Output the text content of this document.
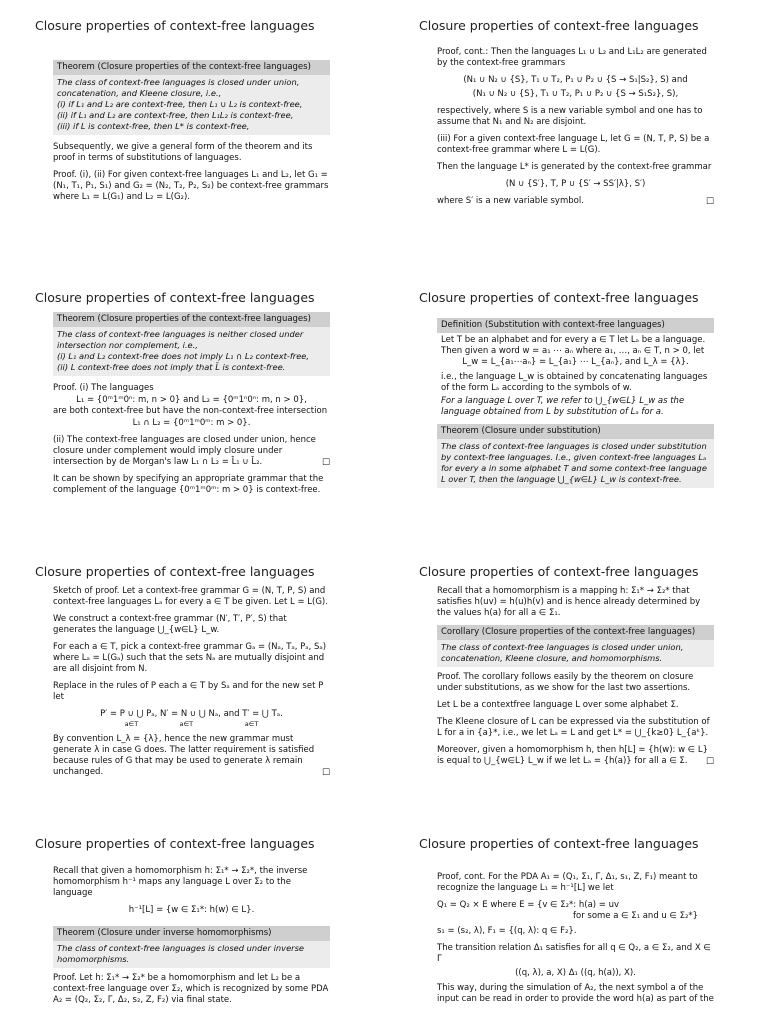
Closure properties of context-free languages
Theorem (Closure properties of the context-free languages)
The class of context-free languages is closed under union,
concatenation, and Kleene closure, i.e.,
(i) if L₁ and L₂ are context-free, then L₁ ∪ L₂ is context-free,
(ii) if L₁ and L₂ are context-free, then L₁L₂ is context-free,
(iii) if L is context-free, then L* is context-free,

Subsequently, we give a general form of the theorem and its proof in terms of substitutions of languages.

Proof. (i), (ii) For given context-free languages L₁ and L₂, let G₁ = (N₁, T₁, P₁, S₁) and G₂ = (N₂, T₂, P₂, S₂) be context-free grammars where L₁ = L(G₁) and L₂ = L(G₂).

Closure properties of context-free languages

Proof, cont.: Then the languages L₁ ∪ L₂ and L₁L₂ are generated by the context-free grammars

(N₁ ∪ N₂ ∪ {S}, T₁ ∪ T₂, P₁ ∪ P₂ ∪ {S → S₁|S₂}, S) and
(N₁ ∪ N₂ ∪ {S}, T₁ ∪ T₂, P₁ ∪ P₂ ∪ {S → S₁S₂}, S),

respectively, where S is a new variable symbol and one has to assume that N₁ and N₂ are disjoint.

(iii) For a given context-free language L, let G = (N, T, P, S) be a context-free grammar where L = L(G).

Then the language L* is generated by the context-free grammar

(N ∪ {S′}, T, P ∪ {S′ → SS′|λ}, S′)

where S′ is a new variable symbol.	□

Closure properties of context-free languages
Theorem (Closure properties of the context-free languages)
The class of context-free languages is neither closed under
intersection nor complement, i.e.,
(i) L₁ and L₂ context-free does not imply L₁ ∩ L₂ context-free,
(ii) L context-free does not imply that L̄ is context-free.

Proof. (i) The languages

L₁ = {0ᵐ1ᵐ0ⁿ: m, n > 0} and L₂ = {0ᵐ1ⁿ0ⁿ: m, n > 0},

are both context-free but have the non-context-free intersection

L₁ ∩ L₂ = {0ᵐ1ᵐ0ᵐ: m > 0}.

(ii) The context-free languages are closed under union, hence closure under complement would imply closure under intersection by de Morgan's law L₁ ∩ L₂ = L̄₁ ∪ L̄₂.	□

It can be shown by specifying an appropriate grammar that the complement of the language {0ᵐ1ᵐ0ᵐ: m > 0} is context-free.

Closure properties of context-free languages
Definition (Substitution with context-free languages)
Let T be an alphabet and for every a ∈ T let Lₐ be a language.
Then given a word w = a₁ ⋯ aₙ where a₁, …, aₙ ∈ T, n > 0, let
L_w = L_{a₁⋯aₙ} = L_{a₁} ⋯ L_{aₙ}, and L_λ = {λ}.

i.e., the language L_w is obtained by concatenating languages of the form Lₐ according to the symbols of w.

For a language L over T, we refer to ⋃_{w∈L} L_w as the language obtained from L by substitution of Lₐ for a.

Theorem (Closure under substitution)
The class of context-free languages is closed under substitution by context-free languages. I.e., given context-free languages Lₐ for every a in some alphabet T and some context-free language L over T, then the language ⋃_{w∈L} L_w is context-free.
Closure properties of context-free languages

Sketch of proof. Let a context-free grammar G = (N, T, P, S) and context-free languages Lₐ for every a ∈ T be given. Let L = L(G).

We construct a context-free grammar (N′, T′, P′, S) that generates the language ⋃_{w∈L} L_w.

For each a ∈ T, pick a context-free grammar Gₐ = (Nₐ, Tₐ, Pₐ, Sₐ) where Lₐ = L(Gₐ) such that the sets Nₐ are mutually disjoint and are all disjoint from N.

Replace in the rules of P each a ∈ T by Sₐ and for the new set P let

P′ = P ∪ ⋃ Pₐ, N′ = N ∪ ⋃ Nₐ, and T′ = ⋃ Tₐ.
a∈T                    a∈T                         a∈T

By convention L_λ = {λ}, hence the new grammar must generate λ in case G does. The latter requirement is satisfied because rules of G that may be used to generate λ remain unchanged.	□

Closure properties of context-free languages

Recall that a homomorphism is a mapping h: Σ₁* → Σ₂* that satisfies h(uv) = h(u)h(v) and is hence already determined by the values h(a) for all a ∈ Σ₁.

Corollary (Closure properties of the context-free languages)
The class of context-free languages is closed under union, concatenation, Kleene closure, and homomorphisms.

Proof. The corollary follows easily by the theorem on closure under substitutions, as we show for the last two assertions.

Let L be a contextfree language L over some alphabet Σ.

The Kleene closure of L can be expressed via the substitution of L for a in {a}*, i.e., we let Lₐ = L and get L* = ⋃_{k≥0} L_{aᵏ}.

Moreover, given a homomorphism h, then h[L] = {h(w): w ∈ L} is equal to ⋃_{w∈L} L_w if we let Lₐ = {h(a)} for all a ∈ Σ. □

Closure properties of context-free languages

Recall that given a homomorphism h: Σ₁* → Σ₂*, the inverse homomorphism h⁻¹ maps any language L over Σ₂ to the language

h⁻¹[L] = {w ∈ Σ₁*: h(w) ∈ L}.
Theorem (Closure under inverse homomorphisms)
The class of context-free languages is closed under inverse homomorphisms.

Proof. Let h: Σ₁* → Σ₂* be a homomorphism and let L₂ be a context-free language over Σ₂, which is recognized by some PDA A₂ = (Q₂, Σ₂, Γ, Δ₂, s₂, Z, F₂) via final state.

Closure properties of context-free languages

Proof, cont. For the PDA A₁ = (Q₁, Σ₁, Γ, Δ₁, s₁, Z, F₁) meant to recognize the language L₁ = h⁻¹[L] we let

Q₁ = Q₂ × E where E = {v ∈ Σ₂*: h(a) = uv
for some a ∈ Σ₁ and u ∈ Σ₂*}
s₁ = (s₂, λ), F₁ = {(q, λ): q ∈ F₂}.

The transition relation Δ₁ satisfies for all q ∈ Q₂, a ∈ Σ₂, and X ∈ Γ

((q, λ), a, X) Δ₁ ((q, h(a)), X).

This way, during the simulation of A₂, the next symbol a of the input can be read in order to provide the word h(a) as part of the
